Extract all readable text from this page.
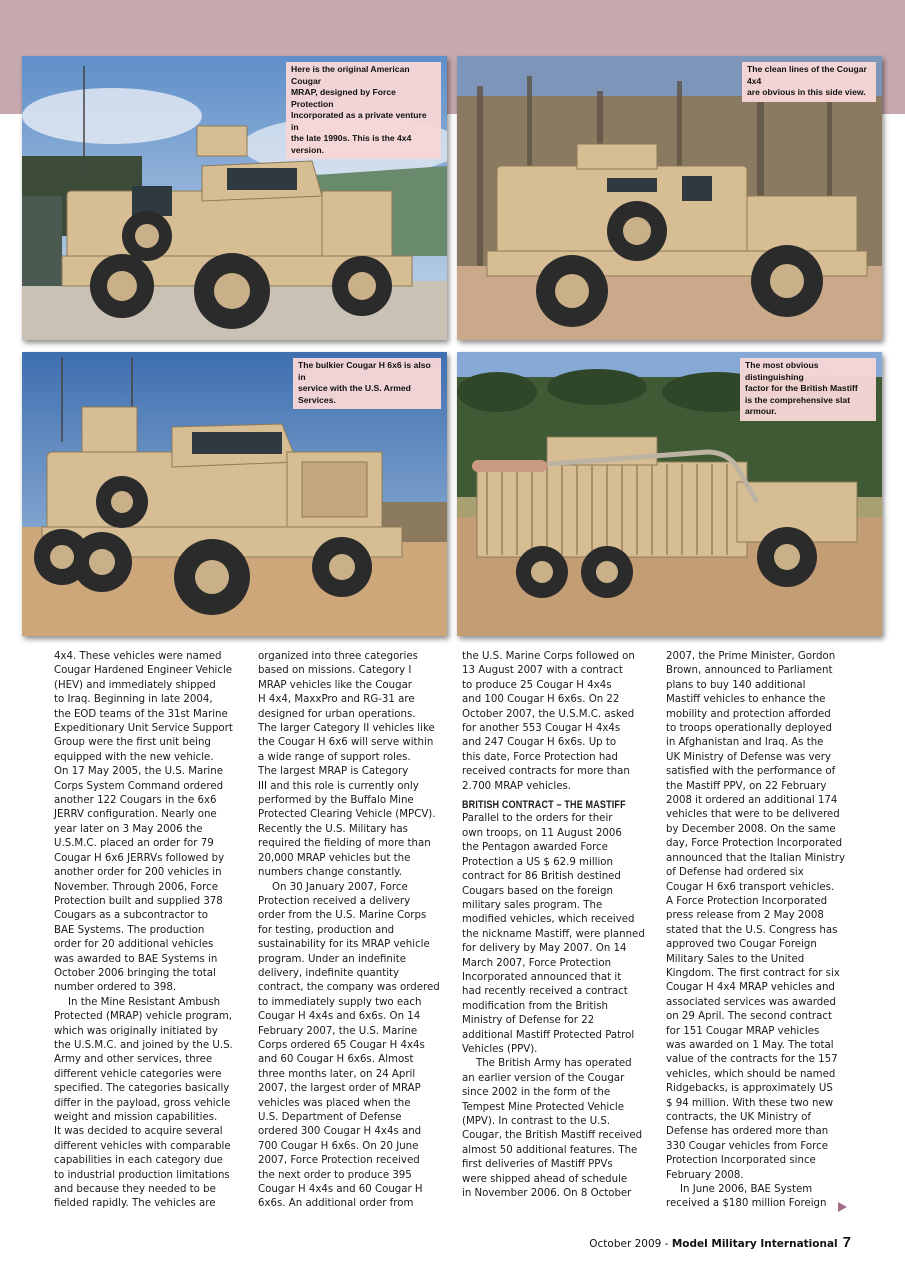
Here is the original American Cougar
MRAP, designed by Force Protection
Incorporated as a private venture in
the late 1990s. This is the 4x4 version.
The clean lines of the Cougar 4x4
are obvious in this side view.
The bulkier Cougar H 6x6 is also in
service with the U.S. Armed Services.
The most obvious distinguishing
factor for the British Mastiff
is the comprehensive slat armour.

4x4. These vehicles were named
Cougar Hardened Engineer Vehicle
(HEV) and immediately shipped
to Iraq. Beginning in late 2004,
the EOD teams of the 31st Marine
Expeditionary Unit Service Support
Group were the first unit being
equipped with the new vehicle.
On 17 May 2005, the U.S. Marine
Corps System Command ordered
another 122 Cougars in the 6x6
JERRV configuration. Nearly one
year later on 3 May 2006 the
U.S.M.C. placed an order for 79
Cougar H 6x6 JERRVs followed by
another order for 200 vehicles in
November. Through 2006, Force
Protection built and supplied 378
Cougars as a subcontractor to
BAE Systems. The production
order for 20 additional vehicles
was awarded to BAE Systems in
October 2006 bringing the total
number ordered to 398.

In the Mine Resistant Ambush
Protected (MRAP) vehicle program,
which was originally initiated by
the U.S.M.C. and joined by the U.S.
Army and other services, three
different vehicle categories were
specified. The categories basically
differ in the payload, gross vehicle
weight and mission capabilities.
It was decided to acquire several
different vehicles with comparable
capabilities in each category due
to industrial production limitations
and because they needed to be
fielded rapidly. The vehicles are

organized into three categories
based on missions. Category I
MRAP vehicles like the Cougar
H 4x4, MaxxPro and RG-31 are
designed for urban operations.
The larger Category II vehicles like
the Cougar H 6x6 will serve within
a wide range of support roles.
The largest MRAP is Category
III and this role is currently only
performed by the Buffalo Mine
Protected Clearing Vehicle (MPCV).
Recently the U.S. Military has
required the fielding of more than
20,000 MRAP vehicles but the
numbers change constantly.

On 30 January 2007, Force
Protection received a delivery
order from the U.S. Marine Corps
for testing, production and
sustainability for its MRAP vehicle
program. Under an indefinite
delivery, indefinite quantity
contract, the company was ordered
to immediately supply two each
Cougar H 4x4s and 6x6s. On 14
February 2007, the U.S. Marine
Corps ordered 65 Cougar H 4x4s
and 60 Cougar H 6x6s. Almost
three months later, on 24 April
2007, the largest order of MRAP
vehicles was placed when the
U.S. Department of Defense
ordered 300 Cougar H 4x4s and
700 Cougar H 6x6s. On 20 June
2007, Force Protection received
the next order to produce 395
Cougar H 4x4s and 60 Cougar H
6x6s. An additional order from

the U.S. Marine Corps followed on
13 August 2007 with a contract
to produce 25 Cougar H 4x4s
and 100 Cougar H 6x6s. On 22
October 2007, the U.S.M.C. asked
for another 553 Cougar H 4x4s
and 247 Cougar H 6x6s. Up to
this date, Force Protection had
received contracts for more than
2.700 MRAP vehicles.

BRITISH CONTRACT – THE MASTIFF

Parallel to the orders for their
own troops, on 11 August 2006
the Pentagon awarded Force
Protection a US $ 62.9 million
contract for 86 British destined
Cougars based on the foreign
military sales program. The
modified vehicles, which received
the nickname Mastiff, were planned
for delivery by May 2007. On 14
March 2007, Force Protection
Incorporated announced that it
had recently received a contract
modification from the British
Ministry of Defense for 22
additional Mastiff Protected Patrol
Vehicles (PPV).

The British Army has operated
an earlier version of the Cougar
since 2002 in the form of the
Tempest Mine Protected Vehicle
(MPV). In contrast to the U.S.
Cougar, the British Mastiff received
almost 50 additional features. The
first deliveries of Mastiff PPVs
were shipped ahead of schedule
in November 2006. On 8 October

2007, the Prime Minister, Gordon
Brown, announced to Parliament
plans to buy 140 additional
Mastiff vehicles to enhance the
mobility and protection afforded
to troops operationally deployed
in Afghanistan and Iraq. As the
UK Ministry of Defense was very
satisfied with the performance of
the Mastiff PPV, on 22 February
2008 it ordered an additional 174
vehicles that were to be delivered
by December 2008. On the same
day, Force Protection Incorporated
announced that the Italian Ministry
of Defense had ordered six
Cougar H 6x6 transport vehicles.
A Force Protection Incorporated
press release from 2 May 2008
stated that the U.S. Congress has
approved two Cougar Foreign
Military Sales to the United
Kingdom. The first contract for six
Cougar H 4x4 MRAP vehicles and
associated services was awarded
on 29 April. The second contract
for 151 Cougar MRAP vehicles
was awarded on 1 May. The total
value of the contracts for the 157
vehicles, which should be named
Ridgebacks, is approximately US
$ 94 million. With these two new
contracts, the UK Ministry of
Defense has ordered more than
330 Cougar vehicles from Force
Protection Incorporated since
February 2008.

In June 2006, BAE System
received a $180 million Foreign

October 2009 - Model Military International 7
